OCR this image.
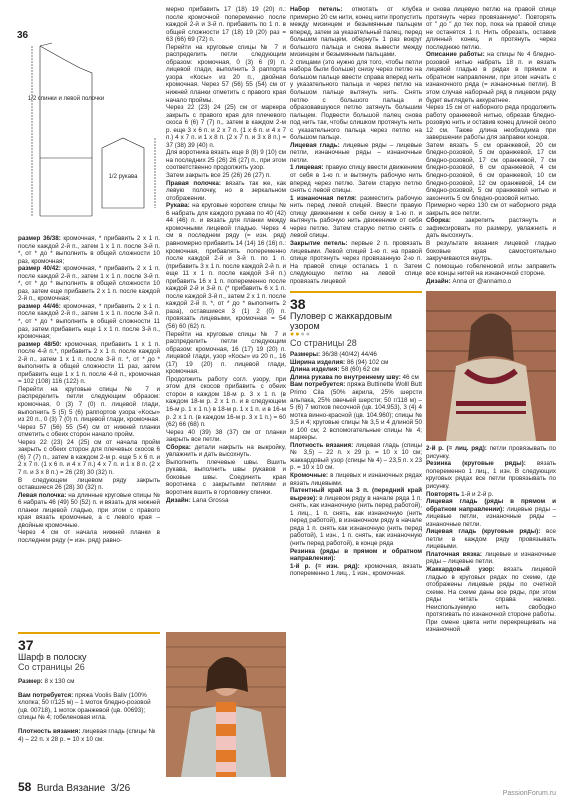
36
1/2 спинки и левой полочки
1/2 рукава

размер 36/38: кромочная, * прибавить 2 х 1 п. после каждой 2-й п., затем 1 х 1 п. после 3-й п. *, от * до * выполнить в общей сложности 10 раз, кромочная;

размер 40/42: кромочная, * прибавить 2 х 1 п. после каждой 2-й п., затем 1 х 1 п. после 3-й п. *, от * до * выполнить в общей сложности 10 раз, затем еще прибавить 2 х 1 п. после каждой 2-й п., кромочная;

размер 44/46: кромочная, * прибавить 2 х 1 п. после каждой 2-й п., затем 1 х 1 п. после 3-й п. *, от * до * выполнить в общей сложности 11 раз, затем прибавить еще 1 х 1 п. после 3-й п., кромочная;

размер 48/50: кромочная, прибавить 1 х 1 п. после 4-й п.*, прибавить 2 х 1 п. после каждой 2-й п., затем 1 х 1 п. после 3-й п. *, от * до * выполнить в общей сложности 11 раз, затем прибавить еще 1 х 1 п. после 4-й п., кромочная = 102 (108) 116 (122) п.

Перейти на круговые спицы № 7 и распределить петли следующим образом: кромочная, 0 (3) 7 (0) п. лицевой глади, выполнить 5 (5) 5 (6) раппортов узора «Косы» из 20 п., 0 (3) 7 (0) п. лицевой глади, кромочная. Через 57 (56) 55 (54) см от нижней планки отметить с обеих сторон начало пройм.

Через 22 (23) 24 (25) см от начала пройм закрыть с обеих сторон для плечевых скосов 6 (6) 7 (7) п., затем в каждом 2-м р. еще 5 х 6 п. и 2 х 7 п. (1 х 6 п. и 4 х 7 п.) 4 х 7 п. и 1 х 8 п. (2 х 7 п. и 3 х 8 п.) = 26 (28) 30 (32) п.

В следующем лицевом ряду закрыть оставшиеся 26 (28) 30 (32) п.

Левая полочка: на длинные круговые спицы № 6 набрать 46 (49) 50 (52) п. и вязать для нижней планки лицевой гладью, при этом с правого края вязать кромочные, а с левого края – двойные кромочные.

Через 4 см от начала нижней планки в последнем ряду (= изн. ряд) равно-

мерно прибавить 17 (18) 19 (20) п.: после кромочной попеременно после каждой 2-й и 3-й п. прибавить по 1 п. в общей сложности 17 (18) 19 (20) раз = 63 (66) 69 (72) п.

Перейти на круговые спицы № 7 и распределить петли следующим образом: кромочная, 0 (3) 6 (9) п. лицевой глади, выполнить 3 раппорта узора «Косы» из 20 п., двойная кромочная. Через 57 (56) 55 (54) см от нижней планки отметить с правого края начало проймы.

Через 22 (23) 24 (25) см от маркера закрыть с правого края для плечевого скоса 6 (6) 7 (7) п., затем в каждом 2-м р. еще 3 х 6 п. и 2 х 7 п. (1 х 6 п. и 4 х 7 п.) 4 х 7 п. и 1 х 8 п. (2 х 7 п. и 3 х 8 п.) = 37 (38) 39 (40) п.

Для воротника вязать еще 8 (8) 9 (10) см на последних 25 (26) 26 (27) п., при этом соответственно продолжить узор.

Затем закрыть все 25 (26) 26 (27) п.

Правая полочка: вязать так же, как левую полочку, но в зеркальном отображении.

Рукава: на круговые короткие спицы № 6 набрать для каждого рукава по 40 (42) 44 (46) п. и вязать для планки между кромочными лицевой гладью. Через 4 см в последнем ряду (= изн. ряд) равномерно прибавить 14 (14) 16 (16) п.: кромочная, прибавлять попеременно после каждой 2-й и 3-й п. по 1 п. (прибавить 3 х 1 п. после каждой 2-й п. и еще 11 х 1 п. после каждой 3-й п.) прибавить 16 х 1 п. попеременно после каждой 2-й и 3-й п. (* прибавить 6 х 1 п. после каждой 3-й п., затем 2 х 1 п. после каждой 2-й п. *, от * до * выполнить 2 раза), оставшиеся 3 (1) 2 (0) п. провязать лицевыми, кромочная = 54 (56) 60 (62) п.

Перейти на круговые спицы № 7 и распределить петли следующим образом: кромочная, 16 (17) 19 (20) п. лицевой глади, узор «Косы» из 20 п., 16 (17) 19 (20) п. лицевой глади, кромочная.

Продолжить работу согл. узору, при этом для скосов прибавить с обеих сторон в каждом 18-м р. 3 х 1 п. (в каждом 18-м р. 2 х 1 п. и в следующем 16-м р. 1 х 1 п.) в 18-м р. 1 х 1 п. и в 16-м р. 2 х 1 п. (в каждом 16-м р. 3 х 1 п.) = 60 (62) 66 (68) п.

Через 40 (39) 38 (37) см от планки закрыть все петли.

Сборка: детали накрыть на выкройку, увлажнить и дать высохнуть.

Выполнить плечевые швы. Вшить рукава, выполнить швы рукавов и боковые швы. Соединить края воротника с закрытыми петлями и воротник вшить в горловину спинки.

Дизайн: Lana Grossa

Набор петель: отмотать от клубка примерно 20 см нити, конец нити пропустить между мизинцем и безымянным пальцем вперед, затем за указательный палец, перед большим пальцем, обернуть 1 раз вокруг большого пальца и снова вывести между мизинцем и безымянным пальцами.

2 спицами (это нужно для того, чтобы петли набора были больше) снизу через петлю на большом пальце ввести справа вперед нить у указательного пальца и через петлю на большом пальце вытянуть нить. Снять петлю с большого пальца и образовавшуюся петлю затянуть большим пальцем. Подвести большой палец снова под нить так, чтобы слишком протянуть нить с указательного пальца через петлю на большом пальце.

Лицевая гладь: лицевые ряды – лицевые петли, изнаночные ряды – изнаночные петли.

1 лицевая: правую спицу ввести движением от себя в 1-ю п. и вытянуть рабочую нить вперед через петлю. Затем старую петлю снять с левой спицы.

1 изнаночная петля: разместить рабочую нить перед левой спицей. Ввести правую спицу движением к себе снизу в 1-ю п. и вытянуть рабочую нить движением от себя через петлю. Затем старую петлю снять с левой спицы.

Закрытие петель: первые 2 п. провязать лицевыми. Левой спицей 1-ю п. на правой спице протянуть через провязанную 2-ю п. На правой спице осталась 1 п. Затем следующую петлю на левой спице провязать лицевой

38
Пуловер с жаккардовым узором
●●●●
Со страницы 28

Размеры: 36/38 (40/42) 44/46

Ширина изделия: 86 (94) 102 см

Длина изделия: 58 (60) 62 см

Длина рукава по внутреннему шву: 46 см

Вам потребуется: пряжа Buttinette Wolll Butt Primo Cila (50% акрила, 25% шерсти альпака, 25% овечьей шерсти; 50 г/118 м) – 5 (6) 7 мотков песочной (цв. 104.953), 3 (4) 4 мотка винно-красной (цв. 104.960); спицы № 3,5 и 4; круговые спицы № 3,5 и 4 длиной 50 и 100 см; 2 вспомогательные спицы № 4; маркеры.

Плотность вязания: лицевая гладь (спицы № 3,5) – 22 п. х 29 р. = 10 х 10 см; жаккардовый узор (спицы № 4) – 23,5 п. х 23 р. = 10 х 10 см.

Кромочные: в лицевых и изнаночных рядах вязать лицевыми.

Патентный край на 3 п. (передний край вырезе): в лицевом ряду в начале ряда 1 п. снять, как изнаночную (нить перед работой), 1 лиц., 1 п. снять, как изнаночную (нить перед работой), в изнаночном ряду в начале ряда 1 п. снять как изнаночную (нить перед работой), 1 изн., 1 п. снять, как изнаночную (нить перед работой), в конце ряда

Резинка (ряды в прямом и обратном направлении):

1-й р. (= изн. ряд): кромочная, вязать попеременно 1 лиц., 1 изн., кромочная.

и снова лицевую петлю на правой спице протянуть через провязанную". Повторять от " до " до тех пор, пока на правой спице не останется 1 п. Нить обрезать, оставив длинный конец, и протянуть через последнюю петлю.

Описание работы: на спицы № 4 бледно-розовой нитью набрать 18 п. и вязать лицевой гладью в рядах в прямом и обратном направлении, при этом начать с изнаночного ряда (= изнаночные петли). В этом случае наборный ряд в лицевом ряду будет выглядеть аккуратнее.

Через 15 см от наборного ряда продолжить работу оранжевой нитью, обрезав бледно-розовую нить и оставив конец длиной около 12 см. Также длина необходима при завершении работы для заправки концов.

Затем вязать 5 см оранжевой, 20 см бледно-розовой, 5 см оранжевой, 17 см бледно-розовой, 17 см оранжевой, 7 см бледно-розовой, 6 см оранжевой, 4 см бледно-розовой, 6 см оранжевой, 10 см бледно-розовой, 12 см оранжевой, 14 см бледно-розовой, 5 см оранжевой нитью и закончить 5 см бледно-розовой нитью.

Примерно через 130 см от наборного ряда закрыть все петли.

Сборка: закрепить растянуть и зафиксировать по размеру, увлажнить и дать высохнуть.

В результате вязания лицевой гладью боковые края самостоятельно закручиваются внутрь.

С помощью гобеленовой иглы заправить все концы нитей на изнаночной стороне.

Дизайн: Anna от @annamo.o

2-й р. (= лиц. ряд): петли провязывать по рисунку.

Резинка (круговые ряды): вязать попеременно 1 лиц., 1 изн. В следующих круговых рядах все петли провязывать по рисунку.

Повторять 1-й и 2-й р.

Лицевая гладь (ряды в прямом и обратном направлении): лицевые ряды – лицевые петли, изнаночные ряды – изнаночные петли.

Лицевая гладь (круговые ряды): все петли в каждом ряду провязывать лицевыми.

Платочная вязка: лицевые и изнаночные ряды – лицевые петли.

Жаккардовый узор: вязать лицевой гладью в круговых рядах по схеме, где отображены лицевые ряды по счетной схеме. На схеме даны все ряды, при этом ряды читать справа налево. Неиспользуемую нить свободно протягивать по изнаночной стороне работы. При смене цвета нити перекрещивать на изнаночной

37
Шарф в полоску
Со страницы 26

Размер: 8 х 130 см

Вам потребуется: пряжа Voolis Baliv (100% хлопка; 50 г/125 м) – 1 моток бледно-розовой (цв. 00718), 1 моток оранжевой (цв. 00693); спицы № 4; гобеленовая игла.

Плотность вязания: лицевая гладь (спицы № 4) – 22 п. х 28 р. = 10 х 10 см.

58 Burda Вязание 3/26	PassionForum.ru
